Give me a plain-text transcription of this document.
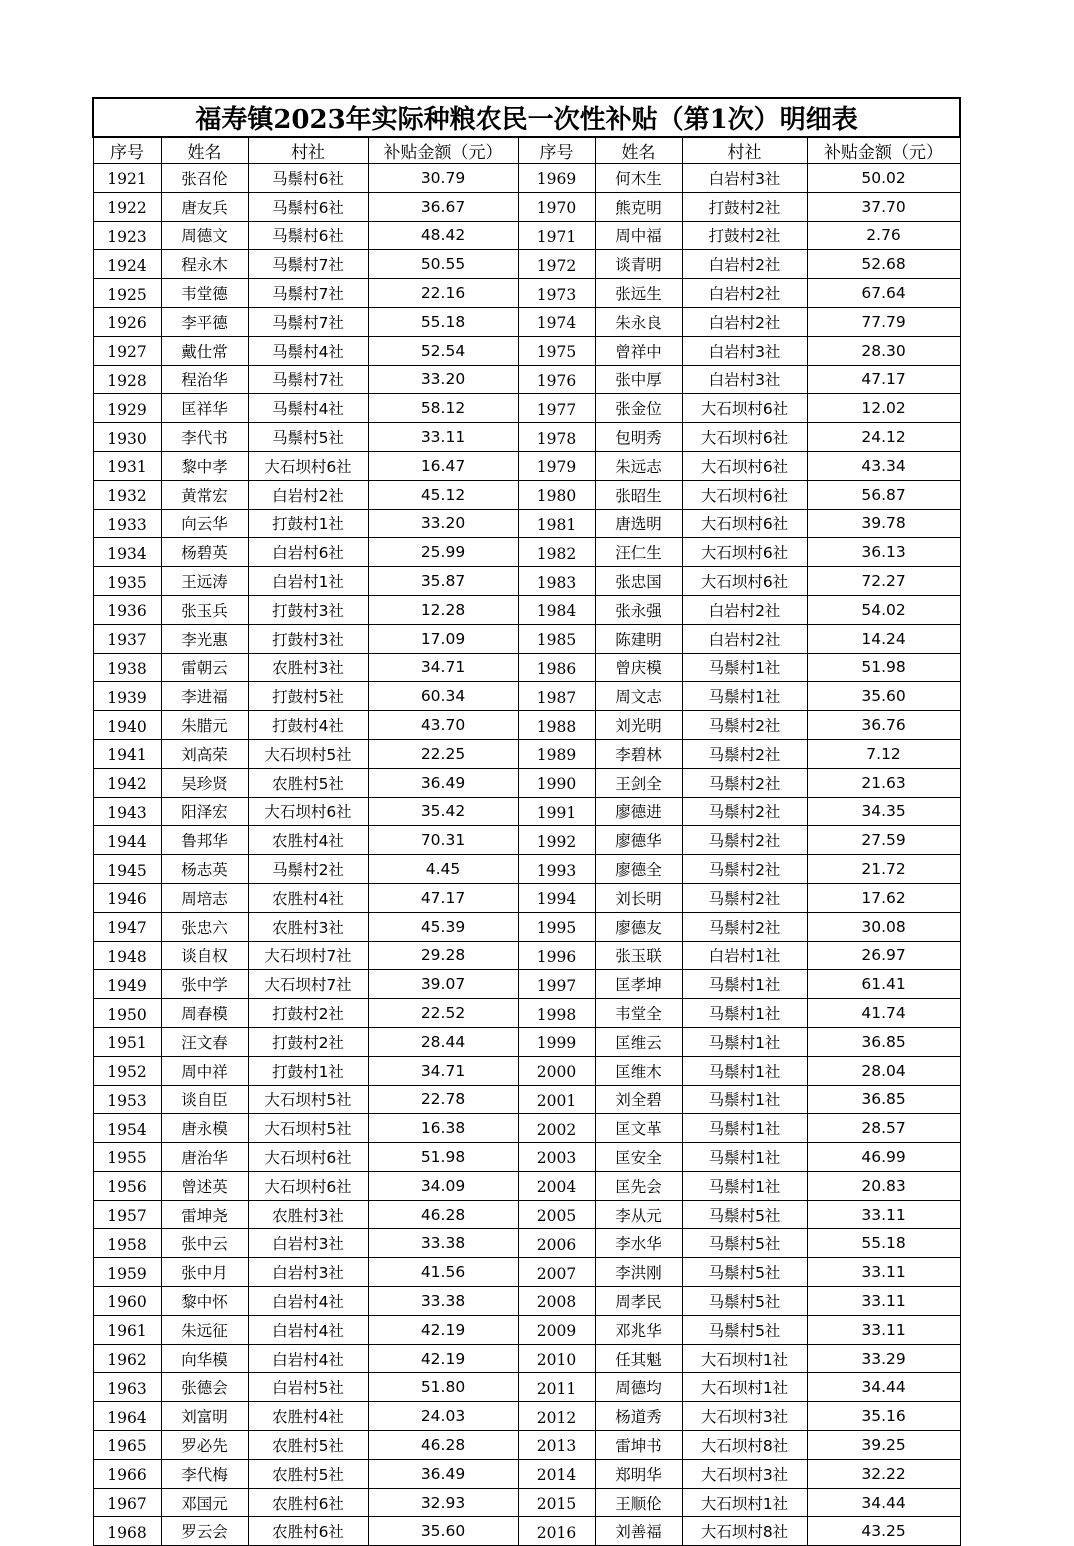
福寿镇2023年实际种粮农民一次性补贴（第1次）明细表							
序号	姓名	村社	补贴金额（元）	序号	姓名	村社	补贴金额（元）
1921	张召伦	马鬃村6社	30.79	1969	何木生	白岩村3社	50.02
1922	唐友兵	马鬃村6社	36.67	1970	熊克明	打鼓村2社	37.70
1923	周德文	马鬃村6社	48.42	1971	周中福	打鼓村2社	2.76
1924	程永木	马鬃村7社	50.55	1972	谈青明	白岩村2社	52.68
1925	韦堂德	马鬃村7社	22.16	1973	张远生	白岩村2社	67.64
1926	李平德	马鬃村7社	55.18	1974	朱永良	白岩村2社	77.79
1927	戴仕常	马鬃村4社	52.54	1975	曾祥中	白岩村3社	28.30
1928	程治华	马鬃村7社	33.20	1976	张中厚	白岩村3社	47.17
1929	匡祥华	马鬃村4社	58.12	1977	张金位	大石坝村6社	12.02
1930	李代书	马鬃村5社	33.11	1978	包明秀	大石坝村6社	24.12
1931	黎中孝	大石坝村6社	16.47	1979	朱远志	大石坝村6社	43.34
1932	黄常宏	白岩村2社	45.12	1980	张昭生	大石坝村6社	56.87
1933	向云华	打鼓村1社	33.20	1981	唐选明	大石坝村6社	39.78
1934	杨碧英	白岩村6社	25.99	1982	汪仁生	大石坝村6社	36.13
1935	王远涛	白岩村1社	35.87	1983	张忠国	大石坝村6社	72.27
1936	张玉兵	打鼓村3社	12.28	1984	张永强	白岩村2社	54.02
1937	李光惠	打鼓村3社	17.09	1985	陈建明	白岩村2社	14.24
1938	雷朝云	农胜村3社	34.71	1986	曾庆模	马鬃村1社	51.98
1939	李进福	打鼓村5社	60.34	1987	周文志	马鬃村1社	35.60
1940	朱腊元	打鼓村4社	43.70	1988	刘光明	马鬃村2社	36.76
1941	刘高荣	大石坝村5社	22.25	1989	李碧林	马鬃村2社	7.12
1942	吴珍贤	农胜村5社	36.49	1990	王剑全	马鬃村2社	21.63
1943	阳泽宏	大石坝村6社	35.42	1991	廖德进	马鬃村2社	34.35
1944	鲁邦华	农胜村4社	70.31	1992	廖德华	马鬃村2社	27.59
1945	杨志英	马鬃村2社	4.45	1993	廖德全	马鬃村2社	21.72
1946	周培志	农胜村4社	47.17	1994	刘长明	马鬃村2社	17.62
1947	张忠六	农胜村3社	45.39	1995	廖德友	马鬃村2社	30.08
1948	谈自权	大石坝村7社	29.28	1996	张玉联	白岩村1社	26.97
1949	张中学	大石坝村7社	39.07	1997	匡孝坤	马鬃村1社	61.41
1950	周春模	打鼓村2社	22.52	1998	韦堂全	马鬃村1社	41.74
1951	汪文春	打鼓村2社	28.44	1999	匡维云	马鬃村1社	36.85
1952	周中祥	打鼓村1社	34.71	2000	匡维木	马鬃村1社	28.04
1953	谈自臣	大石坝村5社	22.78	2001	刘全碧	马鬃村1社	36.85
1954	唐永模	大石坝村5社	16.38	2002	匡文革	马鬃村1社	28.57
1955	唐治华	大石坝村6社	51.98	2003	匡安全	马鬃村1社	46.99
1956	曾述英	大石坝村6社	34.09	2004	匡先会	马鬃村1社	20.83
1957	雷坤尧	农胜村3社	46.28	2005	李从元	马鬃村5社	33.11
1958	张中云	白岩村3社	33.38	2006	李水华	马鬃村5社	55.18
1959	张中月	白岩村3社	41.56	2007	李洪刚	马鬃村5社	33.11
1960	黎中怀	白岩村4社	33.38	2008	周孝民	马鬃村5社	33.11
1961	朱远征	白岩村4社	42.19	2009	邓兆华	马鬃村5社	33.11
1962	向华模	白岩村4社	42.19	2010	任其魁	大石坝村1社	33.29
1963	张德会	白岩村5社	51.80	2011	周德均	大石坝村1社	34.44
1964	刘富明	农胜村4社	24.03	2012	杨道秀	大石坝村3社	35.16
1965	罗必先	农胜村5社	46.28	2013	雷坤书	大石坝村8社	39.25
1966	李代梅	农胜村5社	36.49	2014	郑明华	大石坝村3社	32.22
1967	邓国元	农胜村6社	32.93	2015	王顺伦	大石坝村1社	34.44
1968	罗云会	农胜村6社	35.60	2016	刘善福	大石坝村8社	43.25
